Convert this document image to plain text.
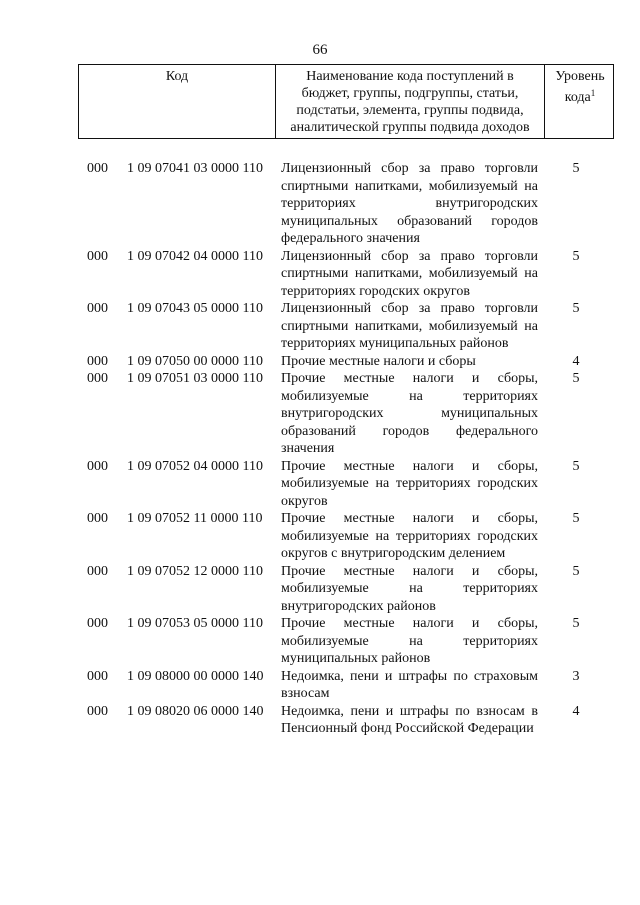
66
Код	Наименование кода поступлений в
бюджет, группы, подгруппы, статьи,
подстатьи, элемента, группы подвида,
аналитической группы подвида доходов
Уровень
кода$^1$
000 1 09 07041 03 0000 110 Лицензионный сбор за право торговли спиртными напитками, мобилизуемый на территориях внутригородских муниципальных образований городов федерального значения
5
000 1 09 07042 04 0000 110 Лицензионный сбор за право торговли спиртными напитками, мобилизуемый на территориях городских округов
5
000 1 09 07043 05 0000 110 Лицензионный сбор за право торговли спиртными напитками, мобилизуемый на территориях муниципальных районов
5
000 1 09 07050 00 0000 110 Прочие местные налоги и сборы	4
000 1 09 07051 03 0000 110 Прочие местные налоги и сборы, мобилизуемые на территориях внутригородских муниципальных образований городов федерального значения
5
000 1 09 07052 04 0000 110 Прочие местные налоги и сборы, мобилизуемые на территориях городских округов
5
000 1 09 07052 11 0000 110 Прочие местные налоги и сборы, мобилизуемые на территориях городских округов с внутригородским делением
5
000 1 09 07052 12 0000 110 Прочие местные налоги и сборы, мобилизуемые на территориях внутригородских районов
5
000 1 09 07053 05 0000 110 Прочие местные налоги и сборы, мобилизуемые на территориях муниципальных районов
5
000 1 09 08000 00 0000 140 Недоимка, пени и штрафы по страховым взносам
3
000 1 09 08020 06 0000 140 Недоимка, пени и штрафы по взносам в Пенсионный фонд Российской Федерации
4
